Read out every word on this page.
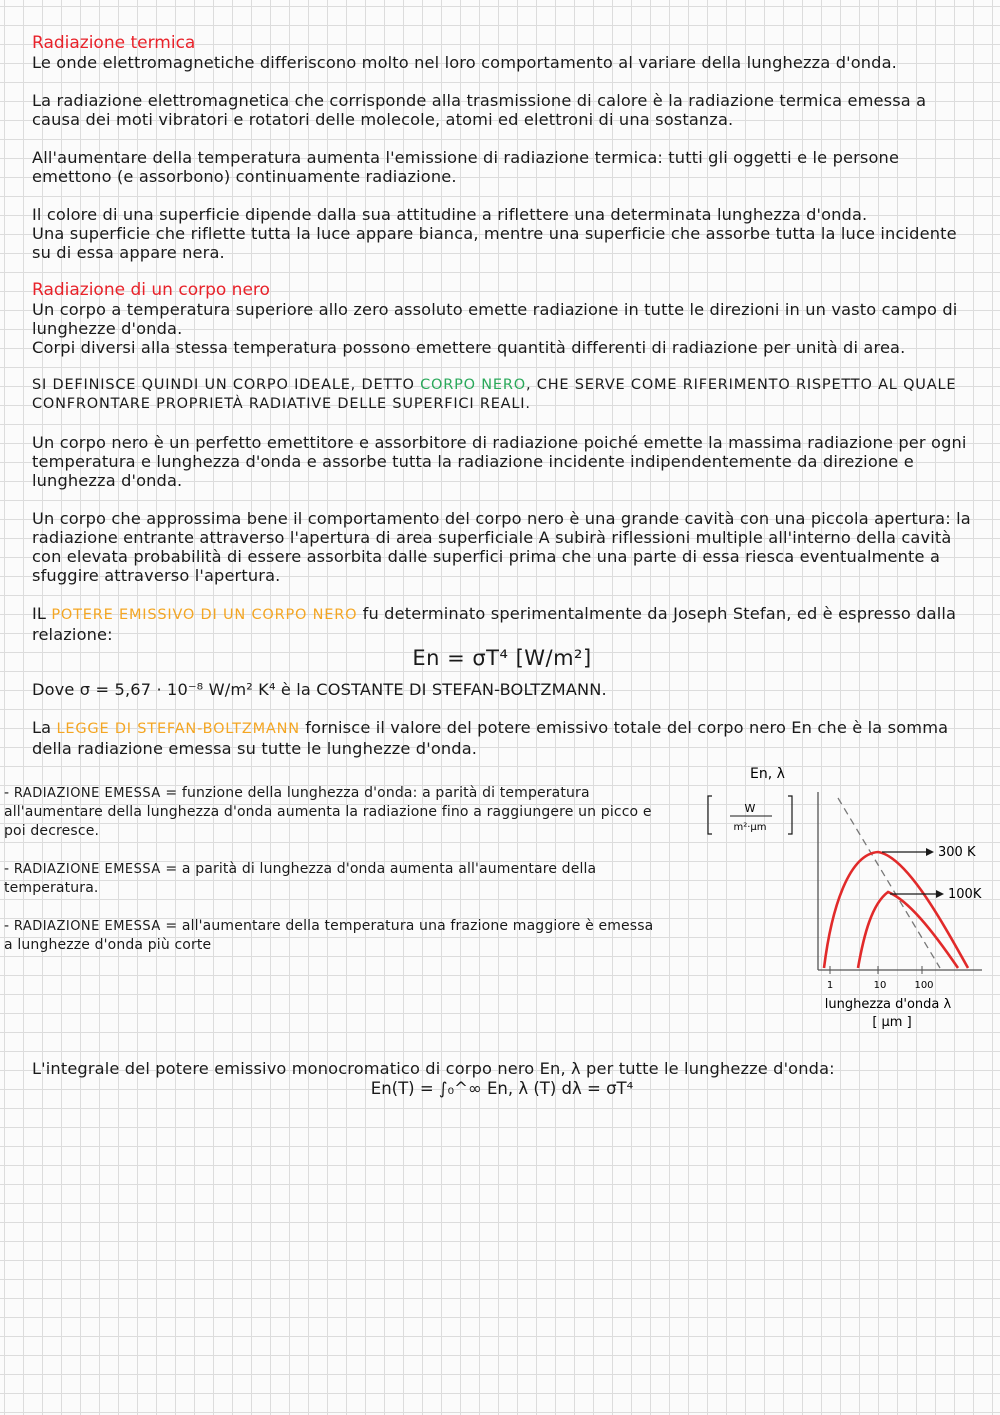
Radiazione termica

Le onde elettromagnetiche differiscono molto nel loro comportamento al variare della lunghezza d'onda.

La radiazione elettromagnetica che corrisponde alla trasmissione di calore è la radiazione termica emessa a causa dei moti vibratori e rotatori delle molecole, atomi ed elettroni di una sostanza.

All'aumentare della temperatura aumenta l'emissione di radiazione termica: tutti gli oggetti e le persone emettono (e assorbono) continuamente radiazione.

Il colore di una superficie dipende dalla sua attitudine a riflettere una determinata lunghezza d'onda.

Una superficie che riflette tutta la luce appare bianca, mentre una superficie che assorbe tutta la luce incidente su di essa appare nera.

Radiazione di un corpo nero

Un corpo a temperatura superiore allo zero assoluto emette radiazione in tutte le direzioni in un vasto campo di lunghezze d'onda.

Corpi diversi alla stessa temperatura possono emettere quantità differenti di radiazione per unità di area.

SI DEFINISCE QUINDI UN CORPO IDEALE, DETTO CORPO NERO, CHE SERVE COME RIFERIMENTO RISPETTO AL QUALE CONFRONTARE PROPRIETÀ RADIATIVE DELLE SUPERFICI REALI.

Un corpo nero è un perfetto emettitore e assorbitore di radiazione poiché emette la massima radiazione per ogni temperatura e lunghezza d'onda e assorbe tutta la radiazione incidente indipendentemente da direzione e lunghezza d'onda.

Un corpo che approssima bene il comportamento del corpo nero è una grande cavità con una piccola apertura: la radiazione entrante attraverso l'apertura di area superficiale A subirà riflessioni multiple all'interno della cavità con elevata probabilità di essere assorbita dalle superfici prima che una parte di essa riesca eventualmente a sfuggire attraverso l'apertura.

IL POTERE EMISSIVO DI UN CORPO NERO fu determinato sperimentalmente da Joseph Stefan, ed è espresso dalla relazione:

En = σT⁴ [W/m²]

Dove σ = 5,67 · 10⁻⁸ W/m² K⁴ è la COSTANTE DI STEFAN-BOLTZMANN.

La LEGGE DI STEFAN-BOLTZMANN fornisce il valore del potere emissivo totale del corpo nero En che è la somma della radiazione emessa su tutte le lunghezze d'onda.

- RADIAZIONE EMESSA = funzione della lunghezza d'onda: a parità di temperatura all'aumentare della lunghezza d'onda aumenta la radiazione fino a raggiungere un picco e poi decresce.

- RADIAZIONE EMESSA = a parità di lunghezza d'onda aumenta all'aumentare della temperatura.

- RADIAZIONE EMESSA = all'aumentare della temperatura una frazione maggiore è emessa a lunghezze d'onda più corte

En, λ
W
m²·μm
1	10	100
300 K
100K
lunghezza d'onda λ
[ μm ]

L'integrale del potere emissivo monocromatico di corpo nero En, λ per tutte le lunghezze d'onda:

En(T) = ∫₀^∞ En, λ (T) dλ = σT⁴
